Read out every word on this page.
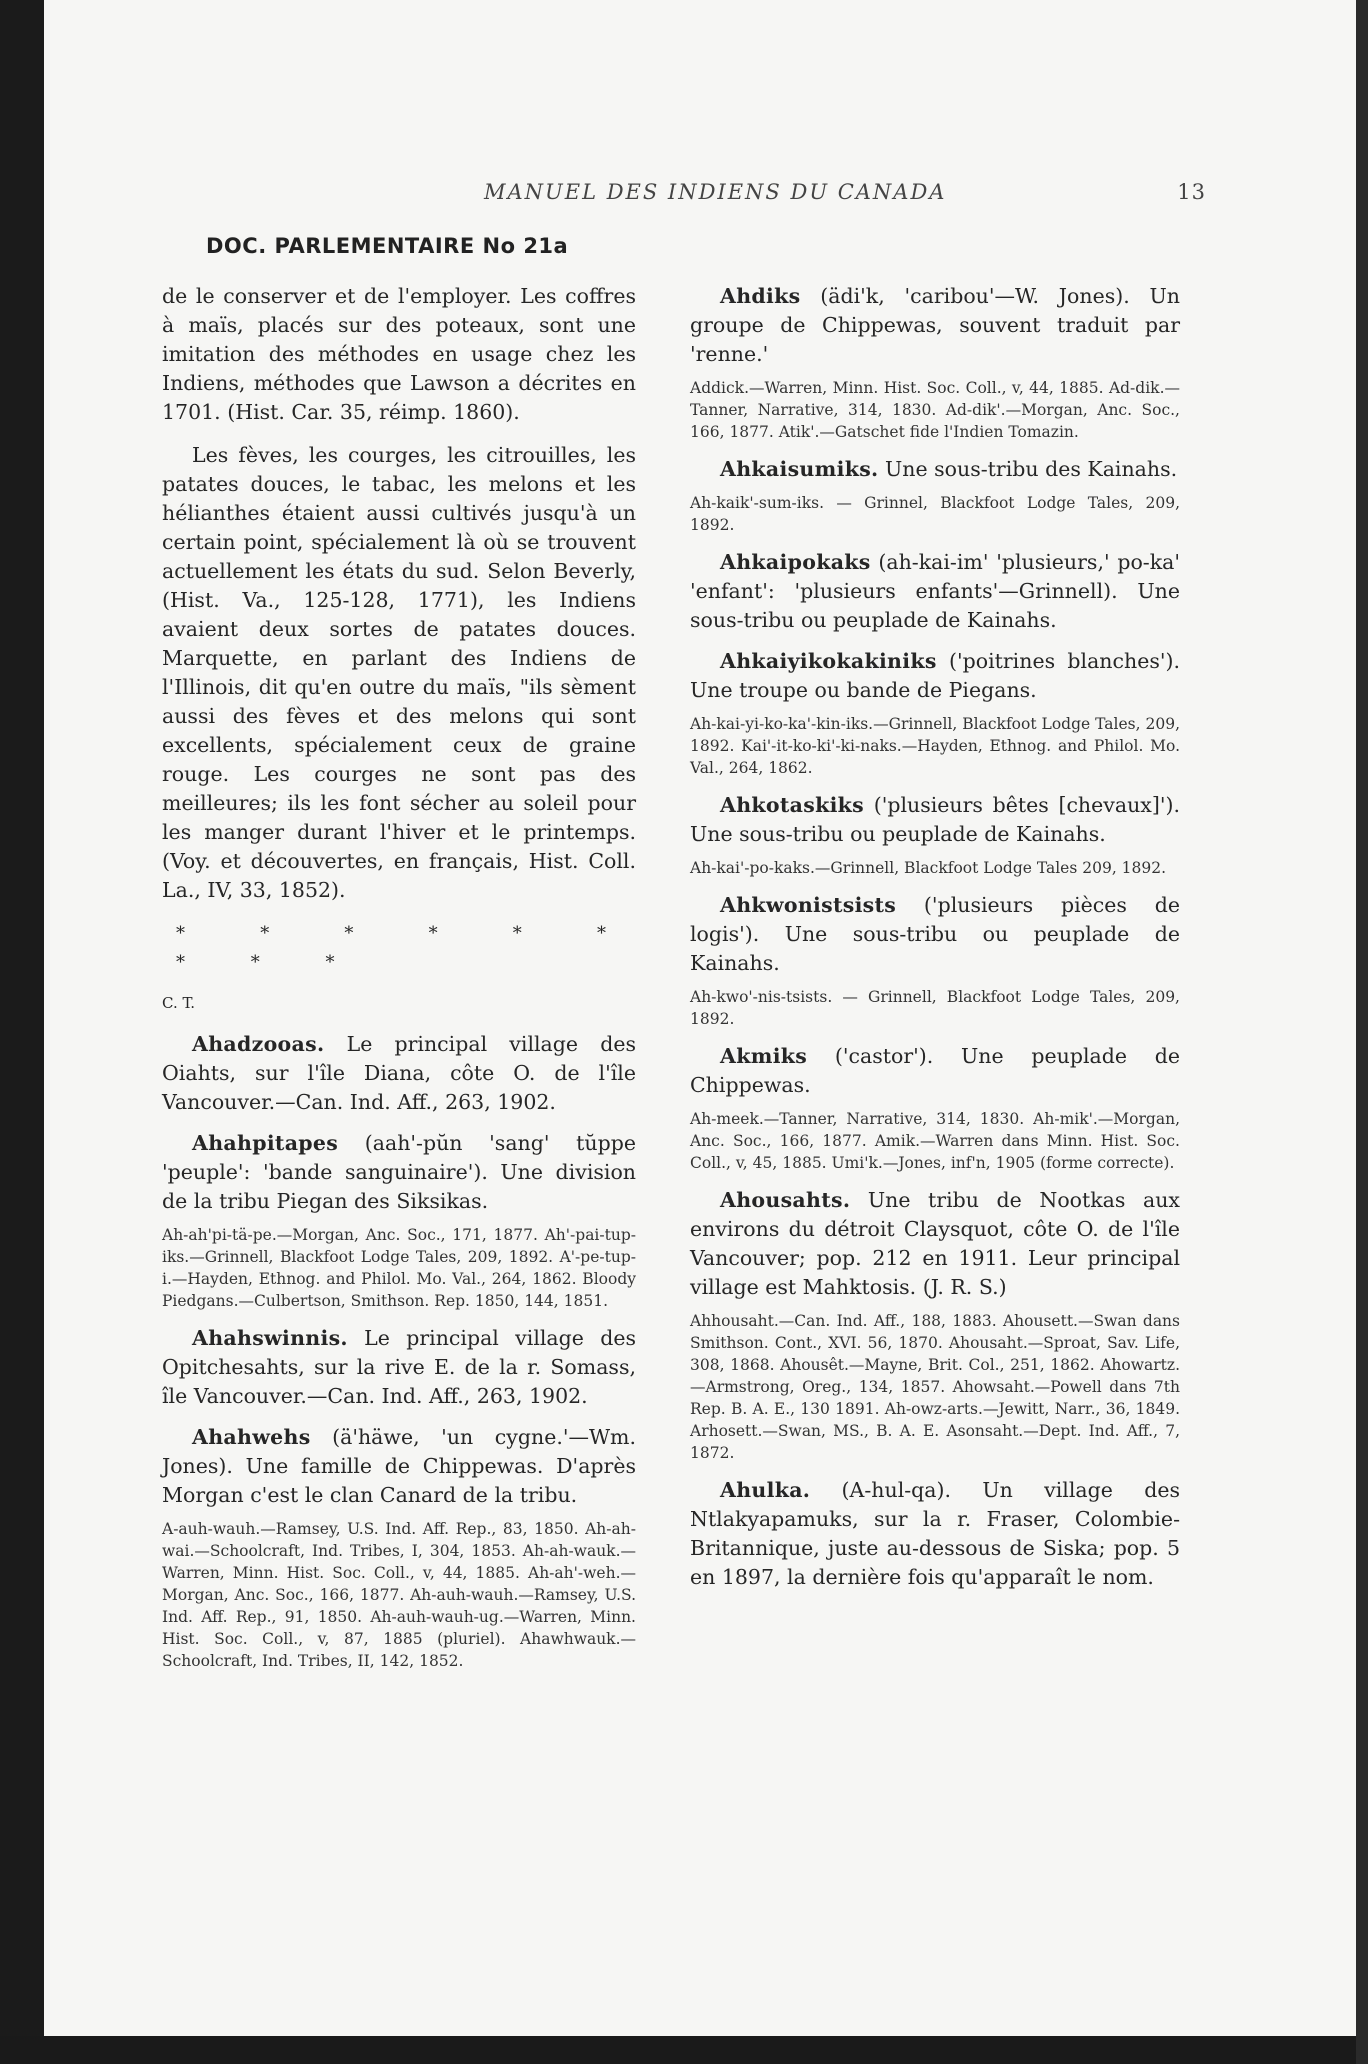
MANUEL DES INDIENS DU CANADA	13
DOC. PARLEMENTAIRE No 21a

de le conserver et de l'employer. Les coffres à maïs, placés sur des poteaux, sont une imitation des méthodes en usage chez les Indiens, méthodes que Lawson a décrites en 1701. (Hist. Car. 35, réimp. 1860).

Les fèves, les courges, les citrouilles, les patates douces, le tabac, les melons et les hélianthes étaient aussi cultivés jusqu'à un certain point, spécialement là où se trouvent actuellement les états du sud. Selon Beverly, (Hist. Va., 125-128, 1771), les Indiens avaient deux sortes de patates douces. Marquette, en parlant des Indiens de l'Illinois, dit qu'en outre du maïs, "ils sèment aussi des fèves et des melons qui sont excellents, spécialement ceux de graine rouge. Les courges ne sont pas des meilleures; ils les font sécher au soleil pour les manger durant l'hiver et le printemps. (Voy. et découvertes, en français, Hist. Coll. La., IV, 33, 1852).

* * * * * * * * *

C. T.

Ahadzooas. Le principal village des Oiahts, sur l'île Diana, côte O. de l'île Vancouver.—Can. Ind. Aff., 263, 1902.

Ahahpitapes (aah'-pŭn 'sang' tŭppe 'peuple': 'bande sanguinaire'). Une division de la tribu Piegan des Siksikas.

Ah-ah'pi-tä-pe.—Morgan, Anc. Soc., 171, 1877. Ah'-pai-tup-iks.—Grinnell, Blackfoot Lodge Tales, 209, 1892. A'-pe-tup-i.—Hayden, Ethnog. and Philol. Mo. Val., 264, 1862. Bloody Piedgans.—Culbertson, Smithson. Rep. 1850, 144, 1851.

Ahahswinnis. Le principal village des Opitchesahts, sur la rive E. de la r. Somass, île Vancouver.—Can. Ind. Aff., 263, 1902.

Ahahwehs (ä'häwe, 'un cygne.'—Wm. Jones). Une famille de Chippewas. D'après Morgan c'est le clan Canard de la tribu.

A-auh-wauh.—Ramsey, U.S. Ind. Aff. Rep., 83, 1850. Ah-ah-wai.—Schoolcraft, Ind. Tribes, I, 304, 1853. Ah-ah-wauk.—Warren, Minn. Hist. Soc. Coll., v, 44, 1885. Ah-ah'-weh.—Morgan, Anc. Soc., 166, 1877. Ah-auh-wauh.—Ramsey, U.S. Ind. Aff. Rep., 91, 1850. Ah-auh-wauh-ug.—Warren, Minn. Hist. Soc. Coll., v, 87, 1885 (pluriel). Ahawhwauk.—Schoolcraft, Ind. Tribes, II, 142, 1852.

Ahdiks (ädi'k, 'caribou'—W. Jones). Un groupe de Chippewas, souvent traduit par 'renne.'

Addick.—Warren, Minn. Hist. Soc. Coll., v, 44, 1885. Ad-dik.—Tanner, Narrative, 314, 1830. Ad-dik'.—Morgan, Anc. Soc., 166, 1877. Atik'.—Gatschet fide l'Indien Tomazin.

Ahkaisumiks. Une sous-tribu des Kainahs.

Ah-kaik'-sum-iks. — Grinnel, Blackfoot Lodge Tales, 209, 1892.

Ahkaipokaks (ah-kai-im' 'plusieurs,' po-ka' 'enfant': 'plusieurs enfants'—Grinnell). Une sous-tribu ou peuplade de Kainahs.

Ahkaiyikokakiniks ('poitrines blanches'). Une troupe ou bande de Piegans.

Ah-kai-yi-ko-ka'-kin-iks.—Grinnell, Blackfoot Lodge Tales, 209, 1892. Kai'-it-ko-ki'-ki-naks.—Hayden, Ethnog. and Philol. Mo. Val., 264, 1862.

Ahkotaskiks ('plusieurs bêtes [chevaux]'). Une sous-tribu ou peuplade de Kainahs.

Ah-kai'-po-kaks.—Grinnell, Blackfoot Lodge Tales 209, 1892.

Ahkwonistsists ('plusieurs pièces de logis'). Une sous-tribu ou peuplade de Kainahs.

Ah-kwo'-nis-tsists. — Grinnell, Blackfoot Lodge Tales, 209, 1892.

Akmiks ('castor'). Une peuplade de Chippewas.

Ah-meek.—Tanner, Narrative, 314, 1830. Ah-mik'.—Morgan, Anc. Soc., 166, 1877. Amik.—Warren dans Minn. Hist. Soc. Coll., v, 45, 1885. Umi'k.—Jones, inf'n, 1905 (forme correcte).

Ahousahts. Une tribu de Nootkas aux environs du détroit Claysquot, côte O. de l'île Vancouver; pop. 212 en 1911. Leur principal village est Mahktosis. (J. R. S.)

Ahhousaht.—Can. Ind. Aff., 188, 1883. Ahousett.—Swan dans Smithson. Cont., XVI. 56, 1870. Ahousaht.—Sproat, Sav. Life, 308, 1868. Ahousêt.—Mayne, Brit. Col., 251, 1862. Ahowartz.—Armstrong, Oreg., 134, 1857. Ahowsaht.—Powell dans 7th Rep. B. A. E., 130 1891. Ah-owz-arts.—Jewitt, Narr., 36, 1849. Arhosett.—Swan, MS., B. A. E. Asonsaht.—Dept. Ind. Aff., 7, 1872.

Ahulka. (A-hul-qa). Un village des Ntlakyapamuks, sur la r. Fraser, Colombie-Britannique, juste au-dessous de Siska; pop. 5 en 1897, la dernière fois qu'apparaît le nom.
